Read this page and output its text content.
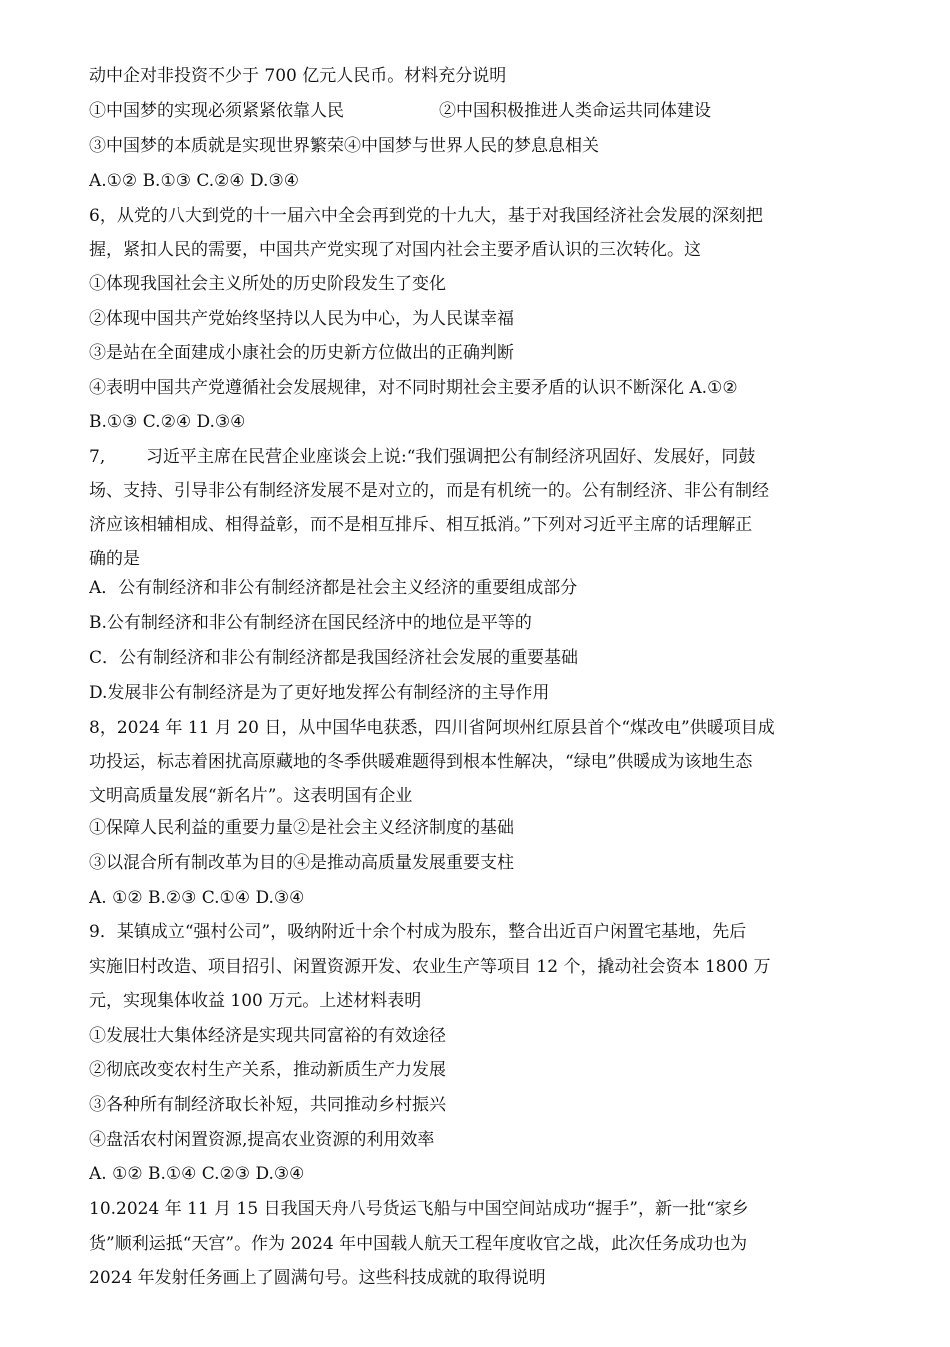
动中企对非投资不少于 700 亿元人民币。材料充分说明
①中国梦的实现必须紧紧依靠人民	②中国积极推进人类命运共同体建设
③中国梦的本质就是实现世界繁荣④中国梦与世界人民的梦息息相关
A.①② B.①③ C.②④ D.③④
6，从党的八大到党的十一届六中全会再到党的十九大，基于对我国经济社会发展的深刻把
握，紧扣人民的需要，中国共产党实现了对国内社会主要矛盾认识的三次转化。这
①体现我国社会主义所处的历史阶段发生了变化
②体现中国共产党始终坚持以人民为中心，为人民谋幸福
③是站在全面建成小康社会的历史新方位做出的正确判断
④表明中国共产党遵循社会发展规律，对不同时期社会主要矛盾的认识不断深化 A.①②
B.①③ C.②④ D.③④
7, 习近平主席在民营企业座谈会上说:“我们强调把公有制经济巩固好、发展好，同鼓
场、支持、引导非公有制经济发展不是对立的，而是有机统一的。公有制经济、非公有制经
济应该相辅相成、相得益彰，而不是相互排斥、相互抵消。”下列对习近平主席的话理解正
确的是
A．公有制经济和非公有制经济都是社会主义经济的重要组成部分
B.公有制经济和非公有制经济在国民经济中的地位是平等的
C．公有制经济和非公有制经济都是我国经济社会发展的重要基础
D.发展非公有制经济是为了更好地发挥公有制经济的主导作用
8，2024 年 11 月 20 日，从中国华电获悉，四川省阿坝州红原县首个“煤改电”供暖项目成
功投运，标志着困扰高原藏地的冬季供暖难题得到根本性解决，“绿电”供暖成为该地生态
文明高质量发展“新名片”。这表明国有企业
①保障人民利益的重要力量②是社会主义经济制度的基础
③以混合所有制改革为目的④是推动高质量发展重要支柱
A. ①② B.②③ C.①④ D.③④
9．某镇成立“强村公司”，吸纳附近十余个村成为股东，整合出近百户闲置宅基地，先后
实施旧村改造、项目招引、闲置资源开发、农业生产等项目 12 个，撬动社会资本 1800 万
元，实现集体收益 100 万元。上述材料表明
①发展壮大集体经济是实现共同富裕的有效途径
②彻底改变农村生产关系，推动新质生产力发展
③各种所有制经济取长补短，共同推动乡村振兴
④盘活农村闲置资源,提高农业资源的利用效率
A. ①② B.①④ C.②③ D.③④
10.2024 年 11 月 15 日我国天舟八号货运飞船与中国空间站成功“握手”，新一批“家乡
货”顺利运抵“天宫”。作为 2024 年中国载人航天工程年度收官之战，此次任务成功也为
2024 年发射任务画上了圆满句号。这些科技成就的取得说明
